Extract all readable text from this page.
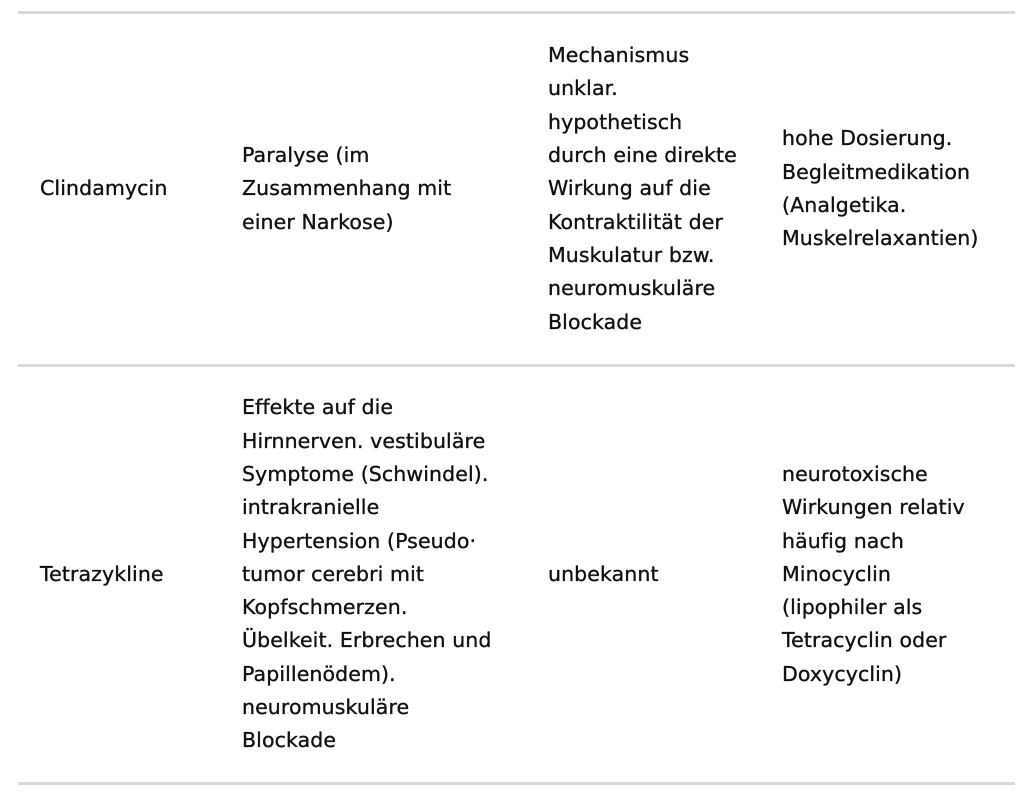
Clindamycin
Paralyse (im
Zusammenhang mit
einer Narkose)
Mechanismus
unklar.
hypothetisch
durch eine direkte
Wirkung auf die
Kontraktilität der
Muskulatur bzw.
neuromuskuläre
Blockade
hohe Dosierung.
Begleitmedikation
(Analgetika.
Muskelrelaxantien)
Tetrazykline
Effekte auf die
Hirnnerven. vestibuläre
Symptome (Schwindel).
intrakranielle
Hypertension (Pseudo·
tumor cerebri mit
Kopfschmerzen.
Übelkeit. Erbrechen und
Papillenödem).
neuromuskuläre
Blockade
unbekannt
neurotoxische
Wirkungen relativ
häufig nach
Minocyclin
(lipophiler als
Tetracyclin oder
Doxycyclin)
